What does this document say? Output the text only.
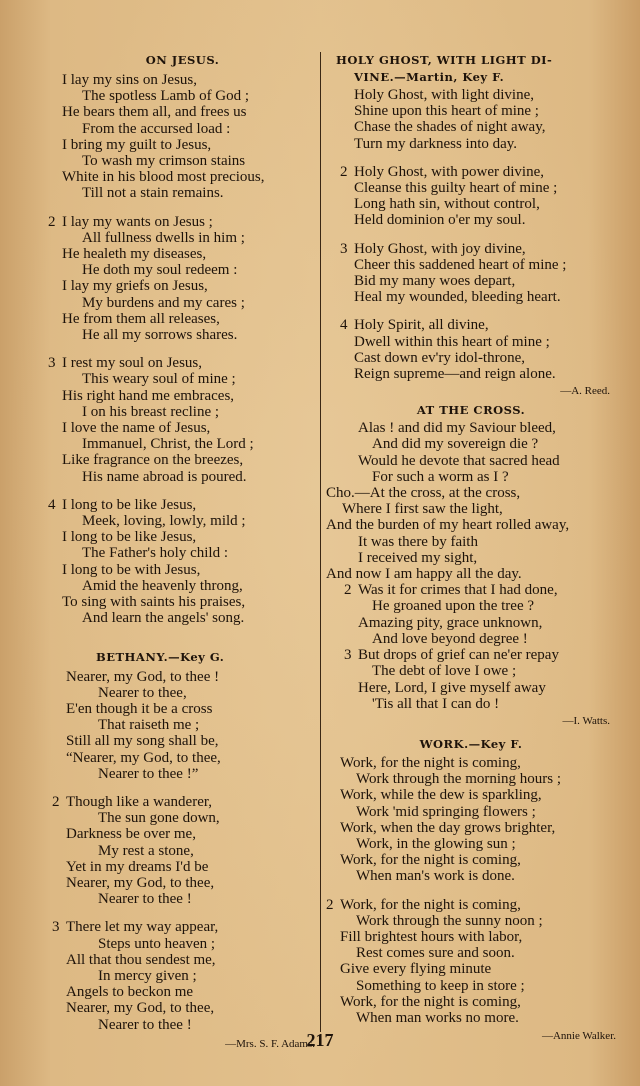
ON JESUS.
I lay my sins on Jesus,
The spotless Lamb of God ;
He bears them all, and frees us
From the accursed load :
I bring my guilt to Jesus,
To wash my crimson stains
White in his blood most precious,
Till not a stain remains.
2 I lay my wants on Jesus ;
All fullness dwells in him ;
He healeth my diseases,
He doth my soul redeem :
I lay my griefs on Jesus,
My burdens and my cares ;
He from them all releases,
He all my sorrows shares.
3 I rest my soul on Jesus,
This weary soul of mine ;
His right hand me embraces,
I on his breast recline ;
I love the name of Jesus,
Immanuel, Christ, the Lord ;
Like fragrance on the breezes,
His name abroad is poured.
4 I long to be like Jesus,
Meek, loving, lowly, mild ;
I long to be like Jesus,
The Father's holy child :
I long to be with Jesus,
Amid the heavenly throng,
To sing with saints his praises,
And learn the angels' song.
BETHANY.—Key G.
Nearer, my God, to thee !
Nearer to thee,
E'en though it be a cross
That raiseth me ;
Still all my song shall be,
“Nearer, my God, to thee,
Nearer to thee !”
2 Though like a wanderer,
The sun gone down,
Darkness be over me,
My rest a stone,
Yet in my dreams I'd be
Nearer, my God, to thee,
Nearer to thee !
3 There let my way appear,
Steps unto heaven ;
All that thou sendest me,
In mercy given ;
Angels to beckon me
Nearer, my God, to thee,
Nearer to thee !
—Mrs. S. F. Adams.
HOLY GHOST, WITH LIGHT DI-
VINE.—Martin, Key F.
Holy Ghost, with light divine,
Shine upon this heart of mine ;
Chase the shades of night away,
Turn my darkness into day.
2 Holy Ghost, with power divine,
Cleanse this guilty heart of mine ;
Long hath sin, without control,
Held dominion o'er my soul.
3 Holy Ghost, with joy divine,
Cheer this saddened heart of mine ;
Bid my many woes depart,
Heal my wounded, bleeding heart.
4 Holy Spirit, all divine,
Dwell within this heart of mine ;
Cast down ev'ry idol-throne,
Reign supreme—and reign alone.
—A. Reed.
AT THE CROSS.
Alas ! and did my Saviour bleed,
And did my sovereign die ?
Would he devote that sacred head
For such a worm as I ?
Cho.—At the cross, at the cross,
Where I first saw the light,
And the burden of my heart rolled away,
It was there by faith
I received my sight,
And now I am happy all the day.
2 Was it for crimes that I had done,
He groaned upon the tree ?
Amazing pity, grace unknown,
And love beyond degree !
3 But drops of grief can ne'er repay
The debt of love I owe ;
Here, Lord, I give myself away
'Tis all that I can do !
—I. Watts.
WORK.—Key F.
Work, for the night is coming,
Work through the morning hours ;
Work, while the dew is sparkling,
Work 'mid springing flowers ;
Work, when the day grows brighter,
Work, in the glowing sun ;
Work, for the night is coming,
When man's work is done.
2 Work, for the night is coming,
Work through the sunny noon ;
Fill brightest hours with labor,
Rest comes sure and soon.
Give every flying minute
Something to keep in store ;
Work, for the night is coming,
When man works no more.
—Annie Walker.
217
